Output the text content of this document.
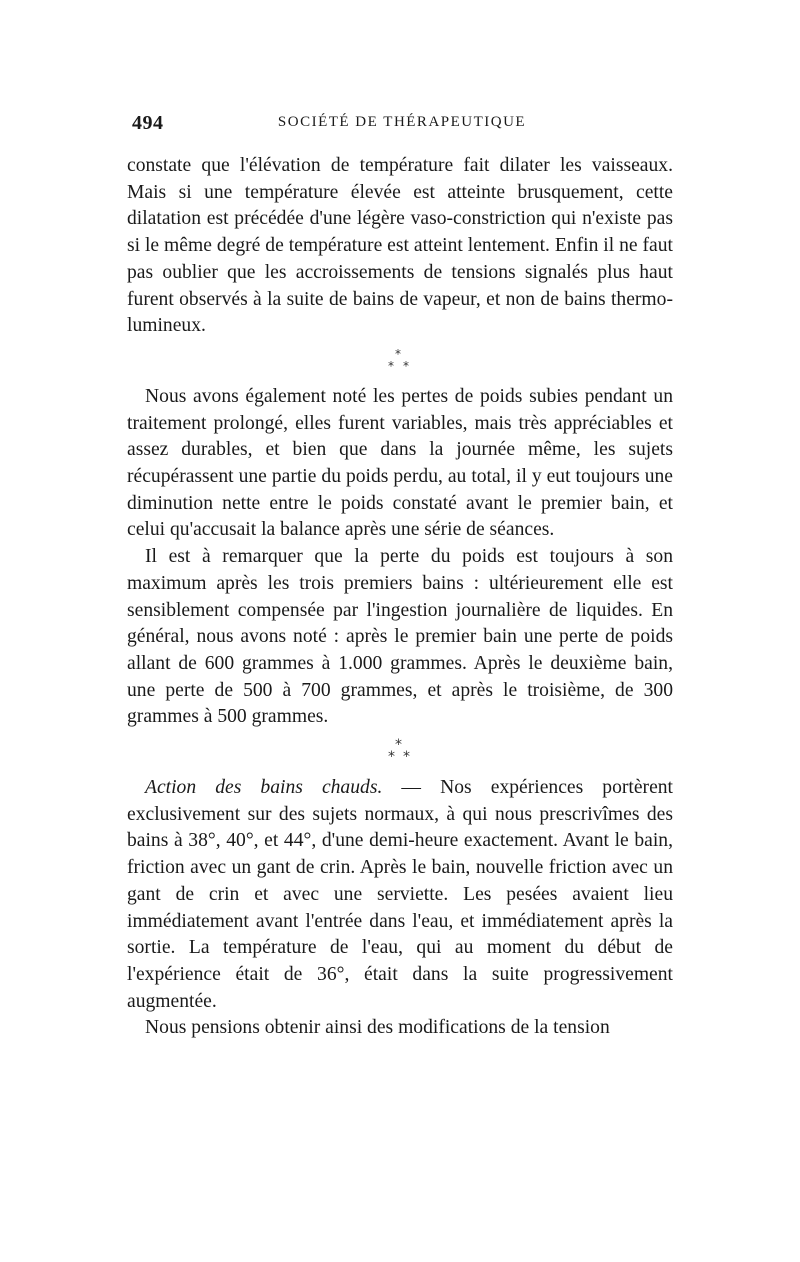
494	SOCIÉTÉ DE THÉRAPEUTIQUE

constate que l'élévation de température fait dilater les vaisseaux. Mais si une température élevée est atteinte brusquement, cette dilatation est précédée d'une légère vaso-constriction qui n'existe pas si le même degré de température est atteint lentement. Enfin il ne faut pas oublier que les accroissements de tensions signalés plus haut furent observés à la suite de bains de vapeur, et non de bains thermo-lumineux.

*
* *

Nous avons également noté les pertes de poids subies pendant un traitement prolongé, elles furent variables, mais très appréciables et assez durables, et bien que dans la journée même, les sujets récupérassent une partie du poids perdu, au total, il y eut toujours une diminution nette entre le poids constaté avant le premier bain, et celui qu'accusait la balance après une série de séances.

Il est à remarquer que la perte du poids est toujours à son maximum après les trois premiers bains : ultérieurement elle est sensiblement compensée par l'ingestion journalière de liquides. En général, nous avons noté : après le premier bain une perte de poids allant de 600 grammes à 1.000 grammes. Après le deuxième bain, une perte de 500 à 700 grammes, et après le troisième, de 300 grammes à 500 grammes.

*
* *

Action des bains chauds. — Nos expériences portèrent exclusivement sur des sujets normaux, à qui nous prescrivîmes des bains à 38°, 40°, et 44°, d'une demi-heure exactement. Avant le bain, friction avec un gant de crin. Après le bain, nouvelle friction avec un gant de crin et avec une serviette. Les pesées avaient lieu immédiatement avant l'entrée dans l'eau, et immédiatement après la sortie. La température de l'eau, qui au moment du début de l'expérience était de 36°, était dans la suite progressivement augmentée.

Nous pensions obtenir ainsi des modifications de la tension
